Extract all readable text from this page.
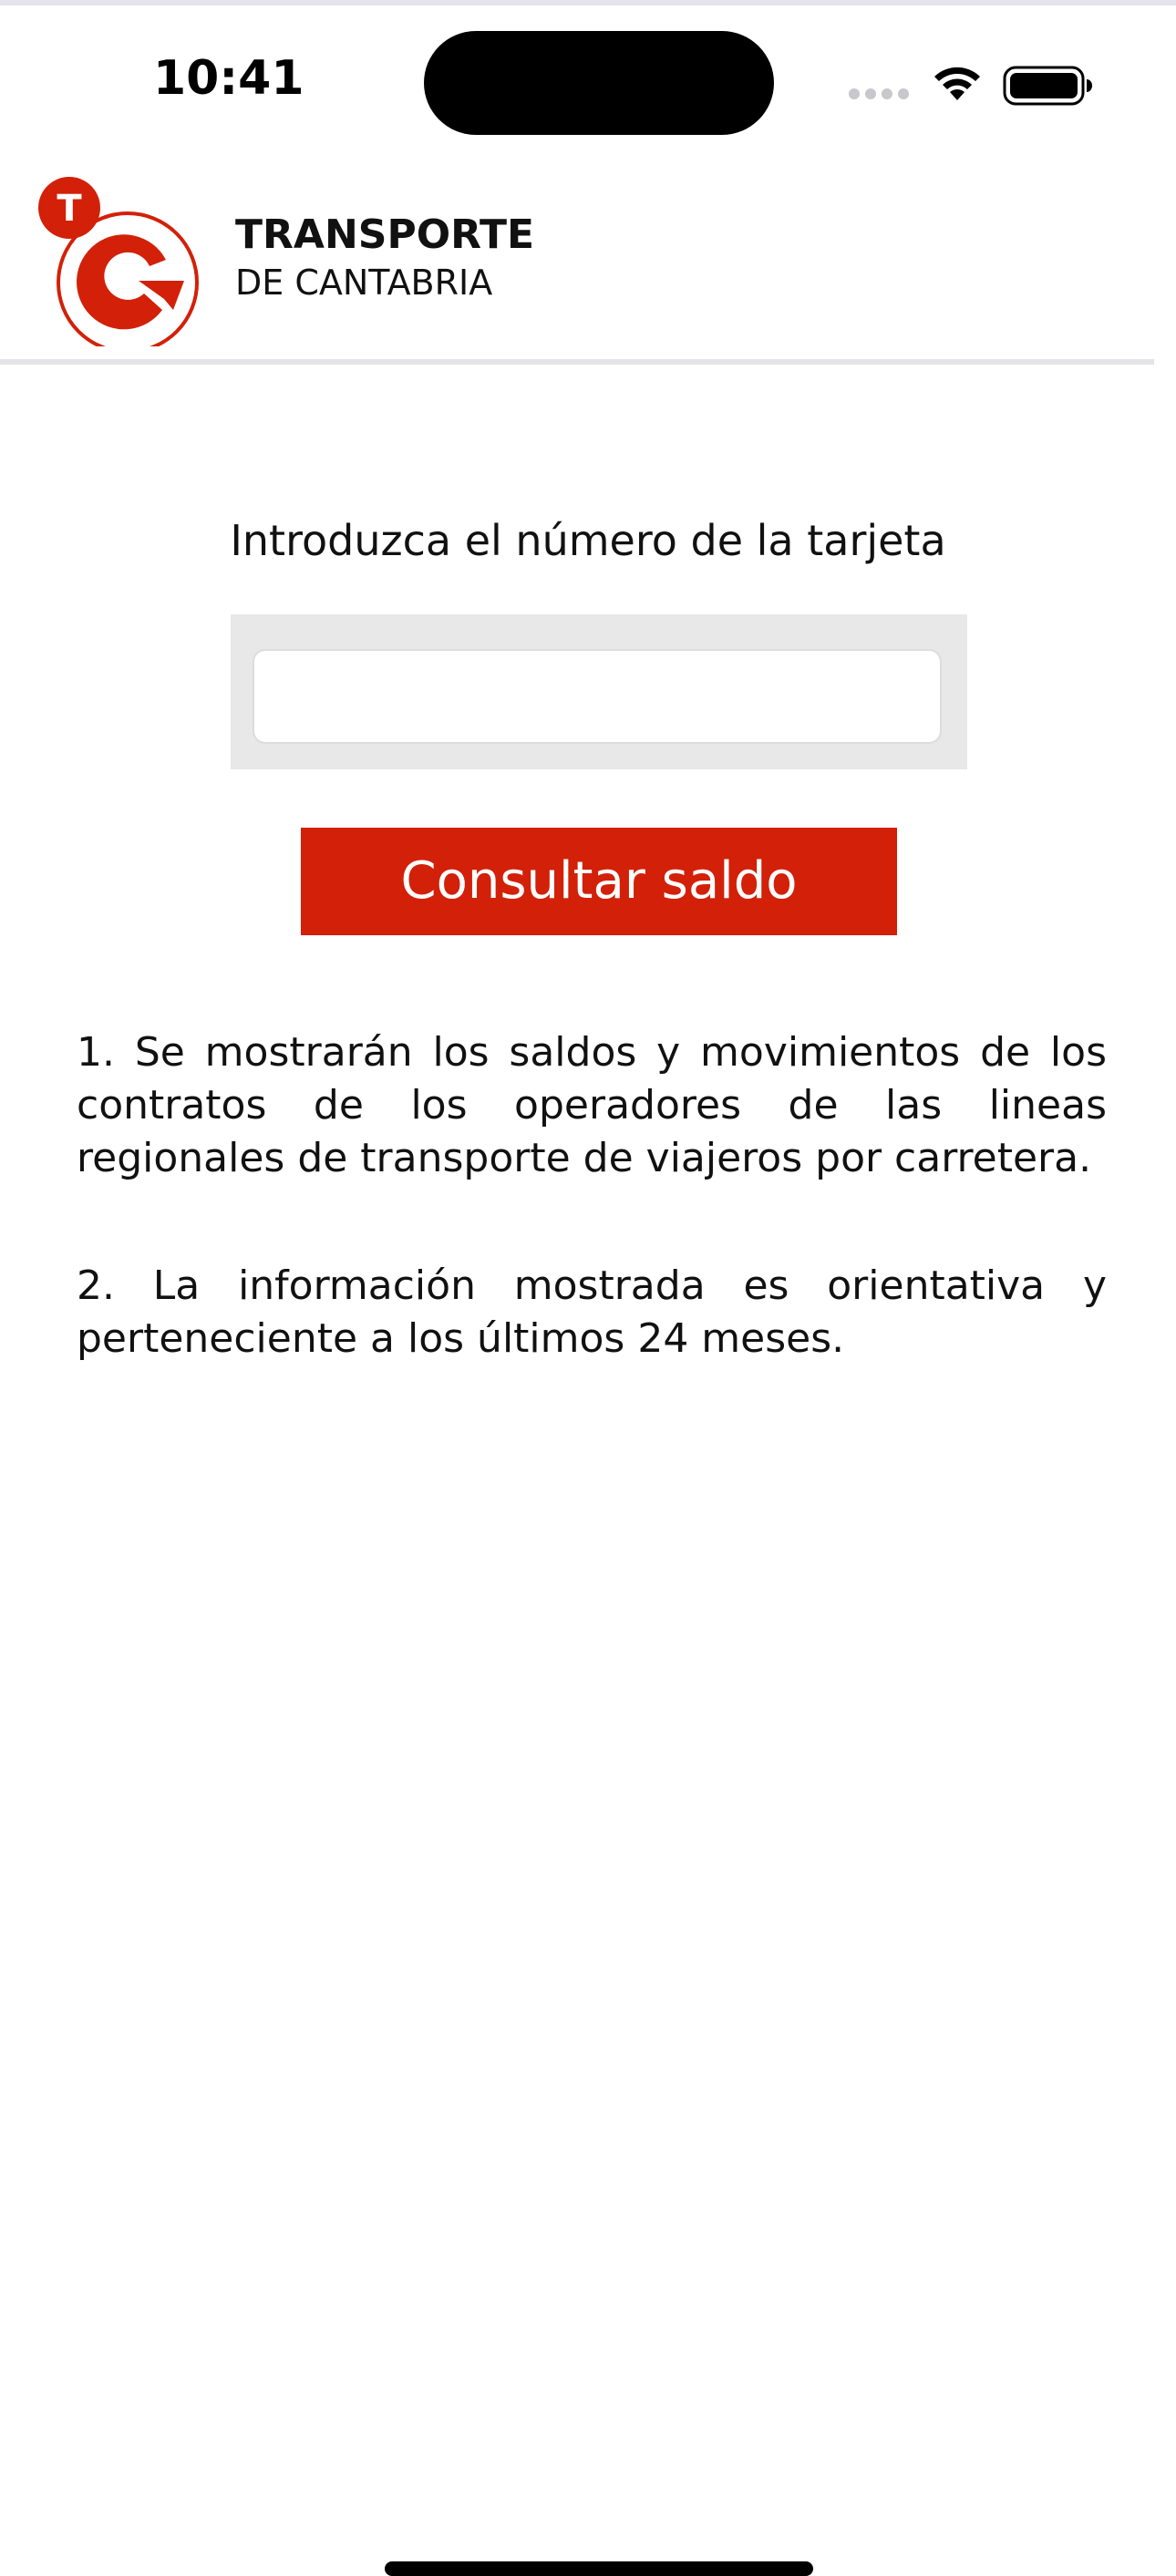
10:41
T
TRANSPORTE
DE CANTABRIA
Introduzca el número de la tarjeta
Consultar saldo

1. Se mostrarán los saldos y movimientos de los contratos de los operadores de las lineas regionales de transporte de viajeros por carretera.

2. La información mostrada es orientativa y perteneciente a los últimos 24 meses.
